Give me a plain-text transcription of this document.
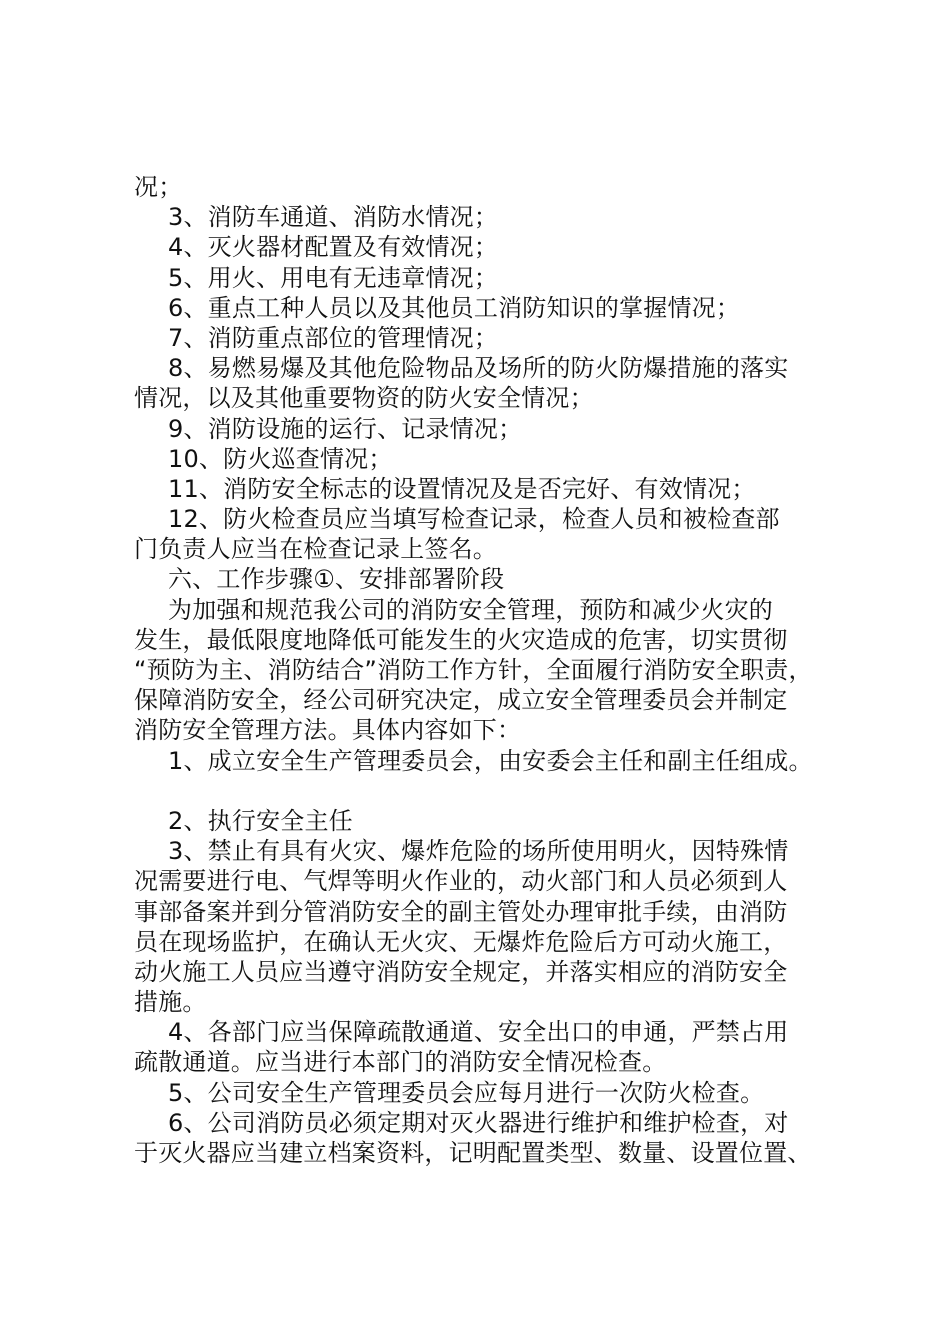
况；
3、消防车通道、消防水情况；
4、灭火器材配置及有效情况；
5、用火、用电有无违章情况；
6、重点工种人员以及其他员工消防知识的掌握情况；
7、消防重点部位的管理情况；
8、易燃易爆及其他危险物品及场所的防火防爆措施的落实
情况，以及其他重要物资的防火安全情况；
9、消防设施的运行、记录情况；
10、防火巡查情况；
11、消防安全标志的设置情况及是否完好、有效情况；
12、防火检查员应当填写检查记录，检查人员和被检查部
门负责人应当在检查记录上签名。
六、工作步骤①、安排部署阶段
为加强和规范我公司的消防安全管理，预防和减少火灾的
发生，最低限度地降低可能发生的火灾造成的危害，切实贯彻
“预防为主、消防结合”消防工作方针，全面履行消防安全职责，
保障消防安全，经公司研究决定，成立安全管理委员会并制定
消防安全管理方法。具体内容如下：
1、成立安全生产管理委员会，由安委会主任和副主任组成。
2、执行安全主任
3、禁止有具有火灾、爆炸危险的场所使用明火，因特殊情
况需要进行电、气焊等明火作业的，动火部门和人员必须到人
事部备案并到分管消防安全的副主管处办理审批手续，由消防
员在现场监护，在确认无火灾、无爆炸危险后方可动火施工，
动火施工人员应当遵守消防安全规定，并落实相应的消防安全
措施。
4、各部门应当保障疏散通道、安全出口的申通，严禁占用
疏散通道。应当进行本部门的消防安全情况检查。
5、公司安全生产管理委员会应每月进行一次防火检查。
6、公司消防员必须定期对灭火器进行维护和维护检查，对
于灭火器应当建立档案资料，记明配置类型、数量、设置位置、
